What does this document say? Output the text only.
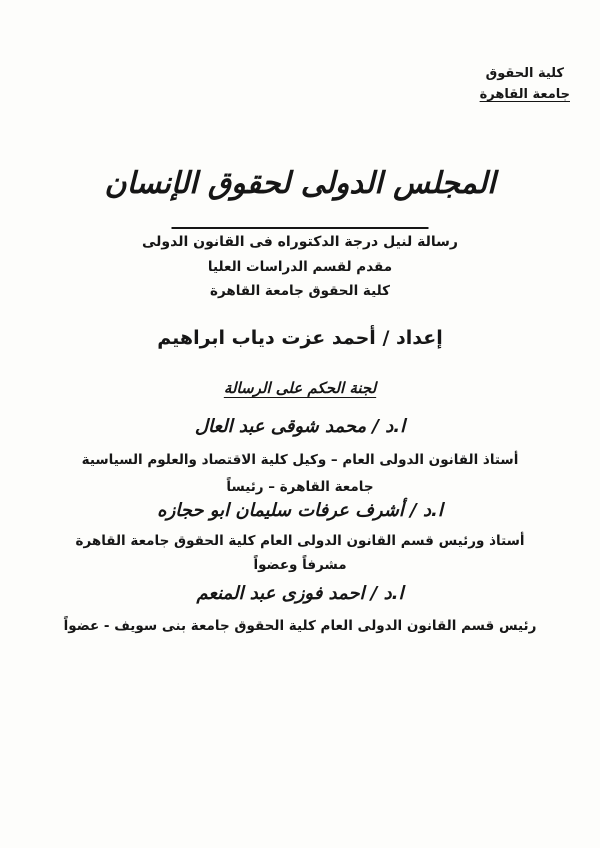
كلية الحقوق
جامعة القاهرة
المجلس الدولى لحقوق الإنسان
رسالة لنيل درجة الدكتوراه فى القانون الدولى
مقدم لقسم الدراسات العليا
كلية الحقوق جامعة القاهرة
إعداد / أحمد عزت دياب ابراهيم
لجنة الحكم على الرسالة
ا.د / محمد شوقى عبد العال
أستاذ القانون الدولى العام – وكيل كلية الاقتصاد والعلوم السياسية
جامعة القاهرة – رئيساً
ا.د / أشرف عرفات سليمان ابو حجازه
أستاذ ورئيس قسم القانون الدولى العام كلية الحقوق جامعة القاهرة
مشرفاً وعضواً
ا.د / احمد فوزى عبد المنعم
رئيس قسم القانون الدولى العام كلية الحقوق جامعة بنى سويف - عضواً
